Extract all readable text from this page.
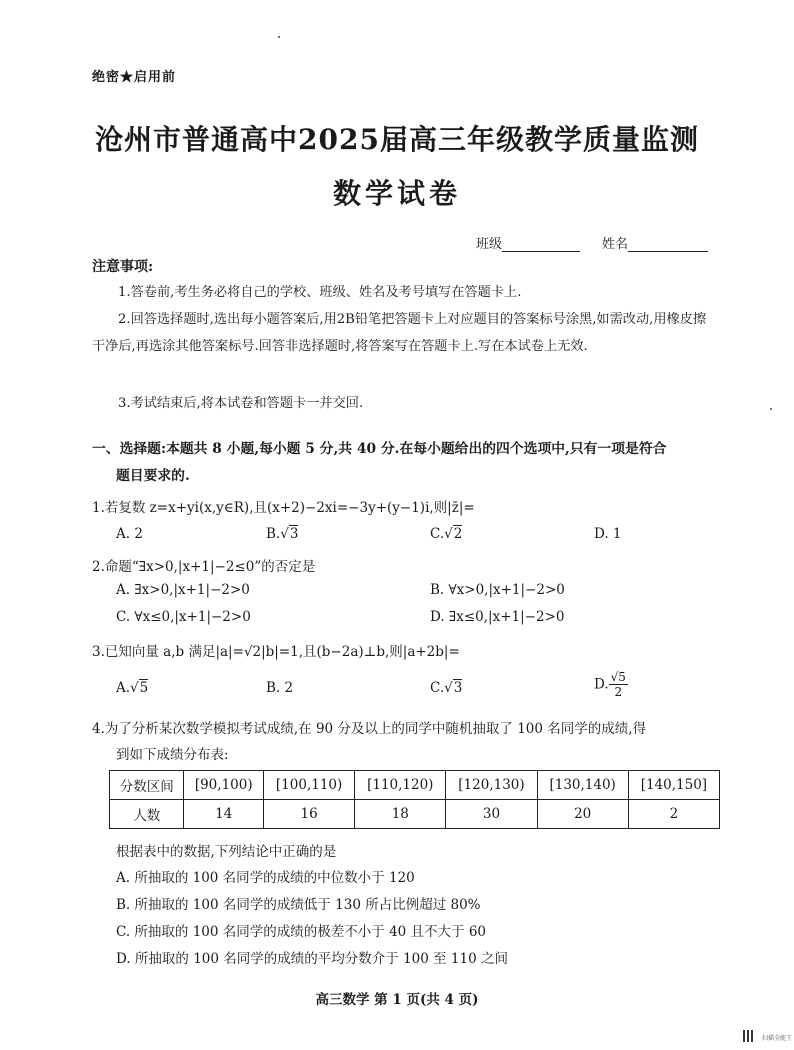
绝密★启用前
沧州市普通高中2025届高三年级教学质量监测
数学试卷
班级	姓名
注意事项:
1.答卷前,考生务必将自己的学校、班级、姓名及考号填写在答题卡上.
2.回答选择题时,选出每小题答案后,用2B铅笔把答题卡上对应题目的答案标号涂黑,如需改动,用橡皮擦干净后,再选涂其他答案标号.回答非选择题时,将答案写在答题卡上.写在本试卷上无效.
3.考试结束后,将本试卷和答题卡一并交回.
一、选择题:本题共 8 小题,每小题 5 分,共 40 分.在每小题给出的四个选项中,只有一项是符合
题目要求的.
1.若复数 z=x+yi(x,y∈R),且(x+2)−2xi=−3y+(y−1)i,则|z̄|=
A. 2	B.√3	C.√2	D. 1
2.命题“∃x>0,|x+1|−2≤0”的否定是
A. ∃x>0,|x+1|−2>0	B. ∀x>0,|x+1|−2>0
C. ∀x≤0,|x+1|−2>0	D. ∃x≤0,|x+1|−2>0
3.已知向量 a,b 满足|a|=√2|b|=1,且(b−2a)⊥b,则|a+2b|=
A.√5	B. 2	C.√3	D. $\frac{√5}{2}$
4.为了分析某次数学模拟考试成绩,在 90 分及以上的同学中随机抽取了 100 名同学的成绩,得
到如下成绩分布表:
分数区间	[90,100)	[100,110)	[110,120)	[120,130)	[130,140)	[140,150]
人数	14	16	18	30	20	2
根据表中的数据,下列结论中正确的是
A. 所抽取的 100 名同学的成绩的中位数小于 120
B. 所抽取的 100 名同学的成绩低于 130 所占比例超过 80%
C. 所抽取的 100 名同学的成绩的极差不小于 40 且不大于 60
D. 所抽取的 100 名同学的成绩的平均分数介于 100 至 110 之间
高三数学 第 1 页(共 4 页)
扫描全能王
